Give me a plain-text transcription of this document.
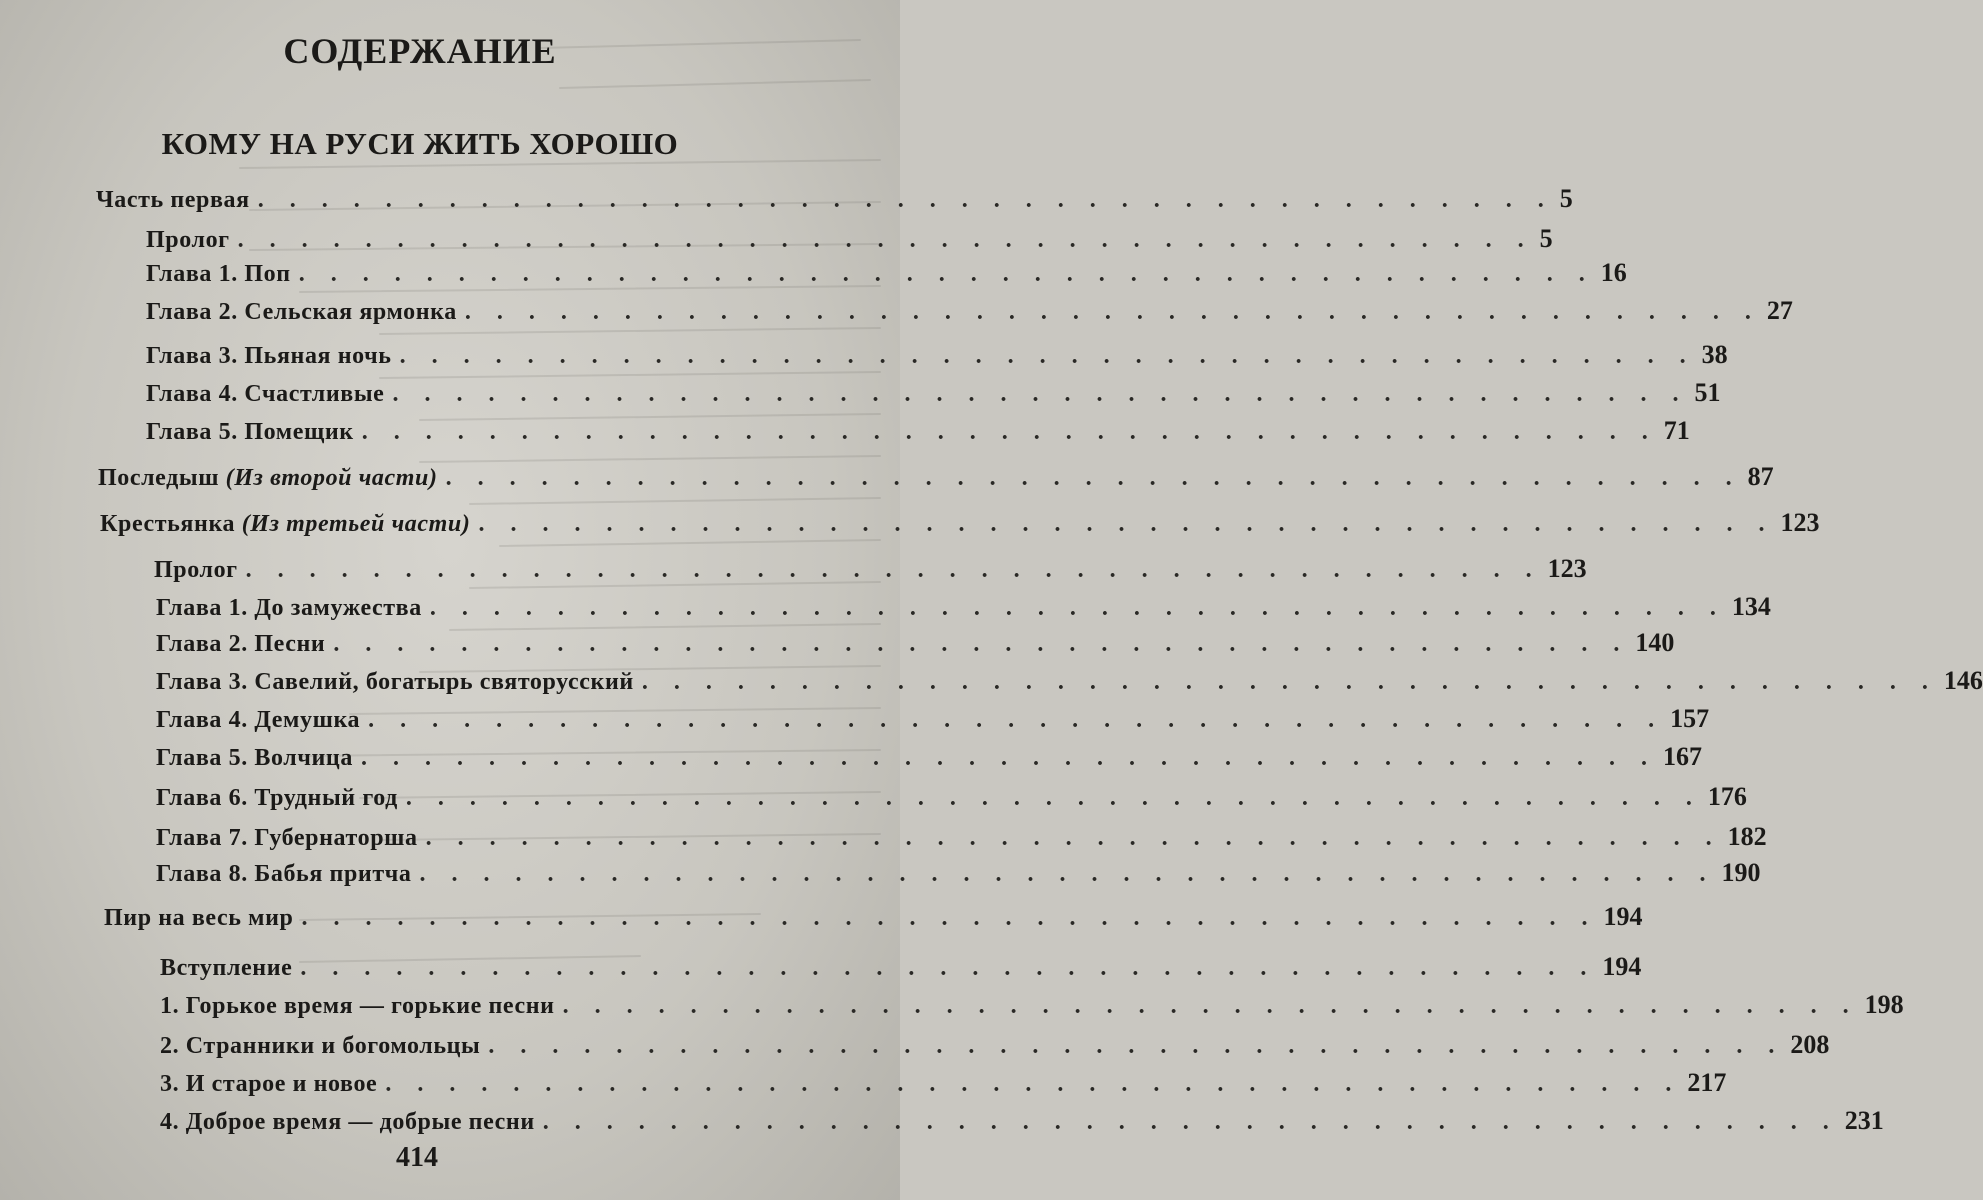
СОДЕРЖАНИЕ
КОМУ НА РУСИ ЖИТЬ ХОРОШО
Часть первая . . . . . . . . . . . . . . . . . . . . . . . . . . . . . . . . . . . . . . . . . 5
Пролог . . . . . . . . . . . . . . . . . . . . . . . . . . . . . . . . . . . . . . . . . 5
Глава 1. Поп . . . . . . . . . . . . . . . . . . . . . . . . . . . . . . . . . . . . . . . . . 16
Глава 2. Сельская ярмонка . . . . . . . . . . . . . . . . . . . . . . . . . . . . . . . . . . . . . . . . . 27
Глава 3. Пьяная ночь . . . . . . . . . . . . . . . . . . . . . . . . . . . . . . . . . . . . . . . . . 38
Глава 4. Счастливые . . . . . . . . . . . . . . . . . . . . . . . . . . . . . . . . . . . . . . . . . 51
Глава 5. Помещик . . . . . . . . . . . . . . . . . . . . . . . . . . . . . . . . . . . . . . . . . 71
Последыш (Из второй части) . . . . . . . . . . . . . . . . . . . . . . . . . . . . . . . . . . . . . . . . . 87
Крестьянка (Из третьей части) . . . . . . . . . . . . . . . . . . . . . . . . . . . . . . . . . . . . . . . . . 123
Пролог . . . . . . . . . . . . . . . . . . . . . . . . . . . . . . . . . . . . . . . . . 123
Глава 1. До замужества . . . . . . . . . . . . . . . . . . . . . . . . . . . . . . . . . . . . . . . . . 134
Глава 2. Песни . . . . . . . . . . . . . . . . . . . . . . . . . . . . . . . . . . . . . . . . . 140
Глава 3. Савелий, богатырь святорусский . . . . . . . . . . . . . . . . . . . . . . . . . . . . . . . . . . . . . . . . . 146
Глава 4. Демушка . . . . . . . . . . . . . . . . . . . . . . . . . . . . . . . . . . . . . . . . . 157
Глава 5. Волчица . . . . . . . . . . . . . . . . . . . . . . . . . . . . . . . . . . . . . . . . . 167
Глава 6. Трудный год . . . . . . . . . . . . . . . . . . . . . . . . . . . . . . . . . . . . . . . . . 176
Глава 7. Губернаторша . . . . . . . . . . . . . . . . . . . . . . . . . . . . . . . . . . . . . . . . . 182
Глава 8. Бабья притча . . . . . . . . . . . . . . . . . . . . . . . . . . . . . . . . . . . . . . . . . 190
Пир на весь мир . . . . . . . . . . . . . . . . . . . . . . . . . . . . . . . . . . . . . . . . . 194
Вступление . . . . . . . . . . . . . . . . . . . . . . . . . . . . . . . . . . . . . . . . . 194
1. Горькое время — горькие песни . . . . . . . . . . . . . . . . . . . . . . . . . . . . . . . . . . . . . . . . . 198
2. Странники и богомольцы . . . . . . . . . . . . . . . . . . . . . . . . . . . . . . . . . . . . . . . . . 208
3. И старое и новое . . . . . . . . . . . . . . . . . . . . . . . . . . . . . . . . . . . . . . . . . 217
4. Доброе время — добрые песни . . . . . . . . . . . . . . . . . . . . . . . . . . . . . . . . . . . . . . . . . 231
414
